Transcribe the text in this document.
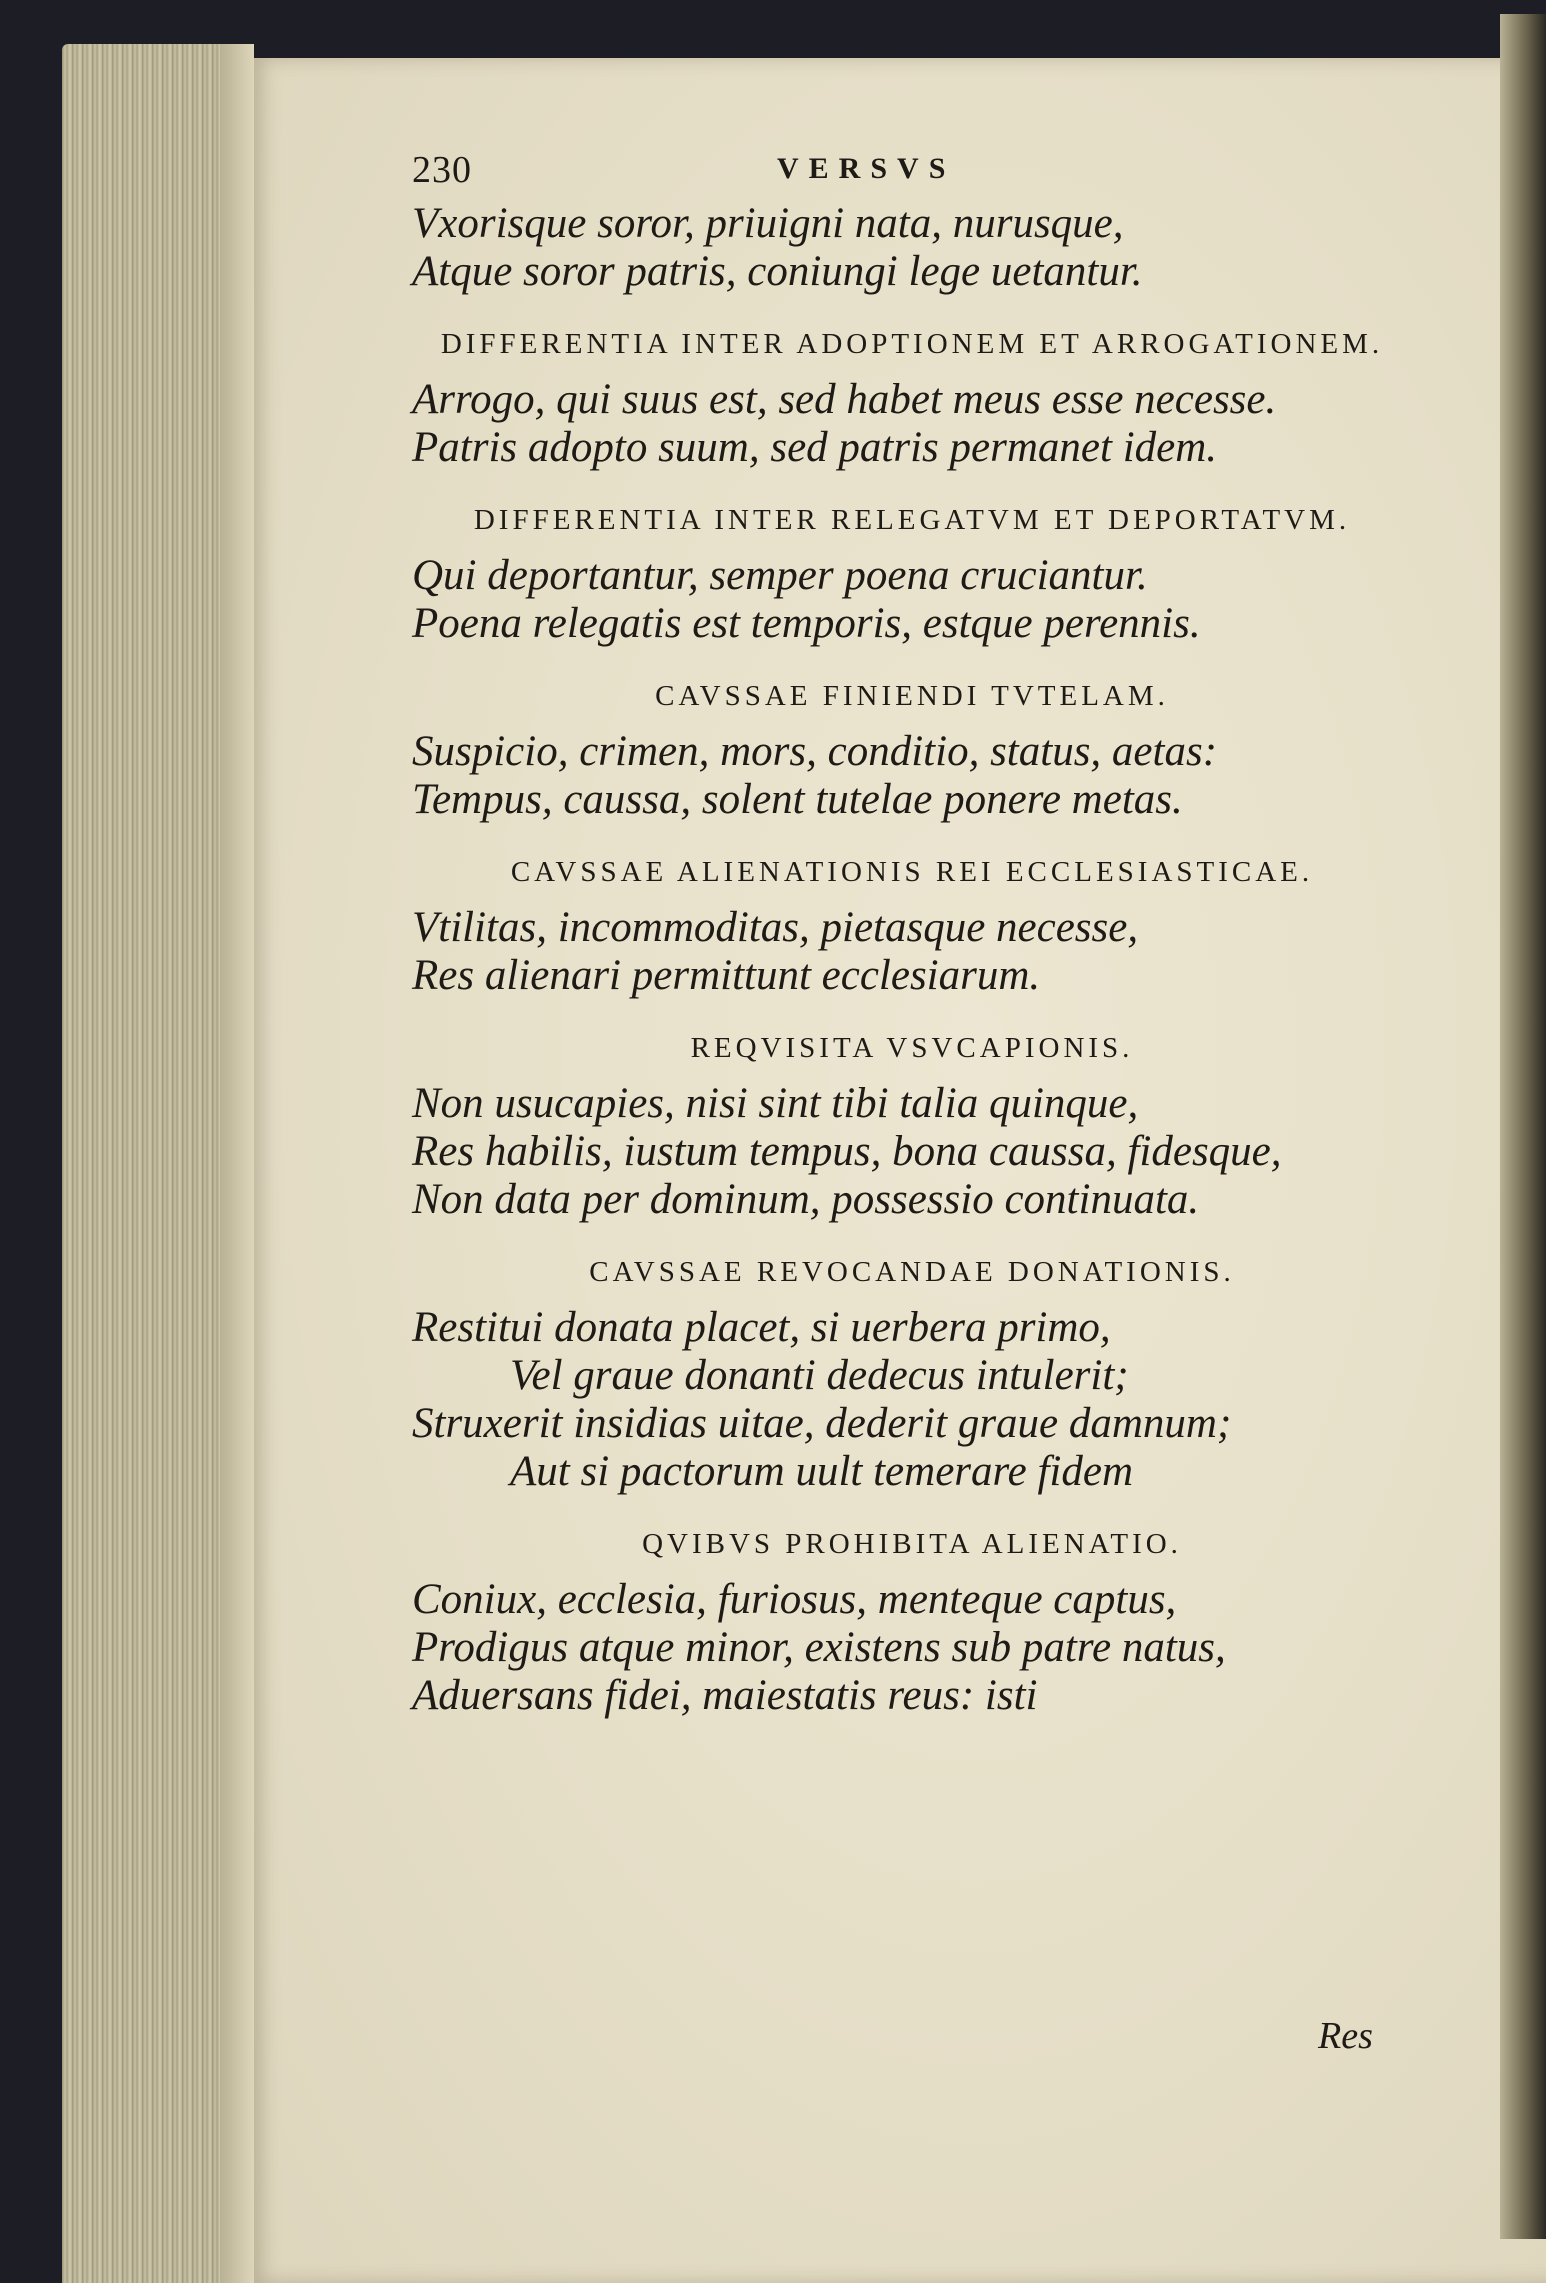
230	VERSVS
Vxorisque soror, priuigni nata, nurusque,
Atque soror patris, coniungi lege uetantur.
DIFFERENTIA INTER ADOPTIONEM ET ARROGATIONEM.
Arrogo, qui suus est, sed habet meus esse necesse.
Patris adopto suum, sed patris permanet idem.
DIFFERENTIA INTER RELEGATVM ET DEPORTATVM.
Qui deportantur, semper poena cruciantur.
Poena relegatis est temporis, estque perennis.
CAVSSAE FINIENDI TVTELAM.
Suspicio, crimen, mors, conditio, status, aetas:
Tempus, caussa, solent tutelae ponere metas.
CAVSSAE ALIENATIONIS REI ECCLESIASTICAE.
Vtilitas, incommoditas, pietasque necesse,
Res alienari permittunt ecclesiarum.
REQVISITA VSVCAPIONIS.
Non usucapies, nisi sint tibi talia quinque,
Res habilis, iustum tempus, bona caussa, fidesque,
Non data per dominum, possessio continuata.
CAVSSAE REVOCANDAE DONATIONIS.
Restitui donata placet, si uerbera primo,
Vel graue donanti dedecus intulerit;
Struxerit insidias uitae, dederit graue damnum;
Aut si pactorum uult temerare fidem
QVIBVS PROHIBITA ALIENATIO.
Coniux, ecclesia, furiosus, menteque captus,
Prodigus atque minor, existens sub patre natus,
Aduersans fidei, maiestatis reus: isti
Res
